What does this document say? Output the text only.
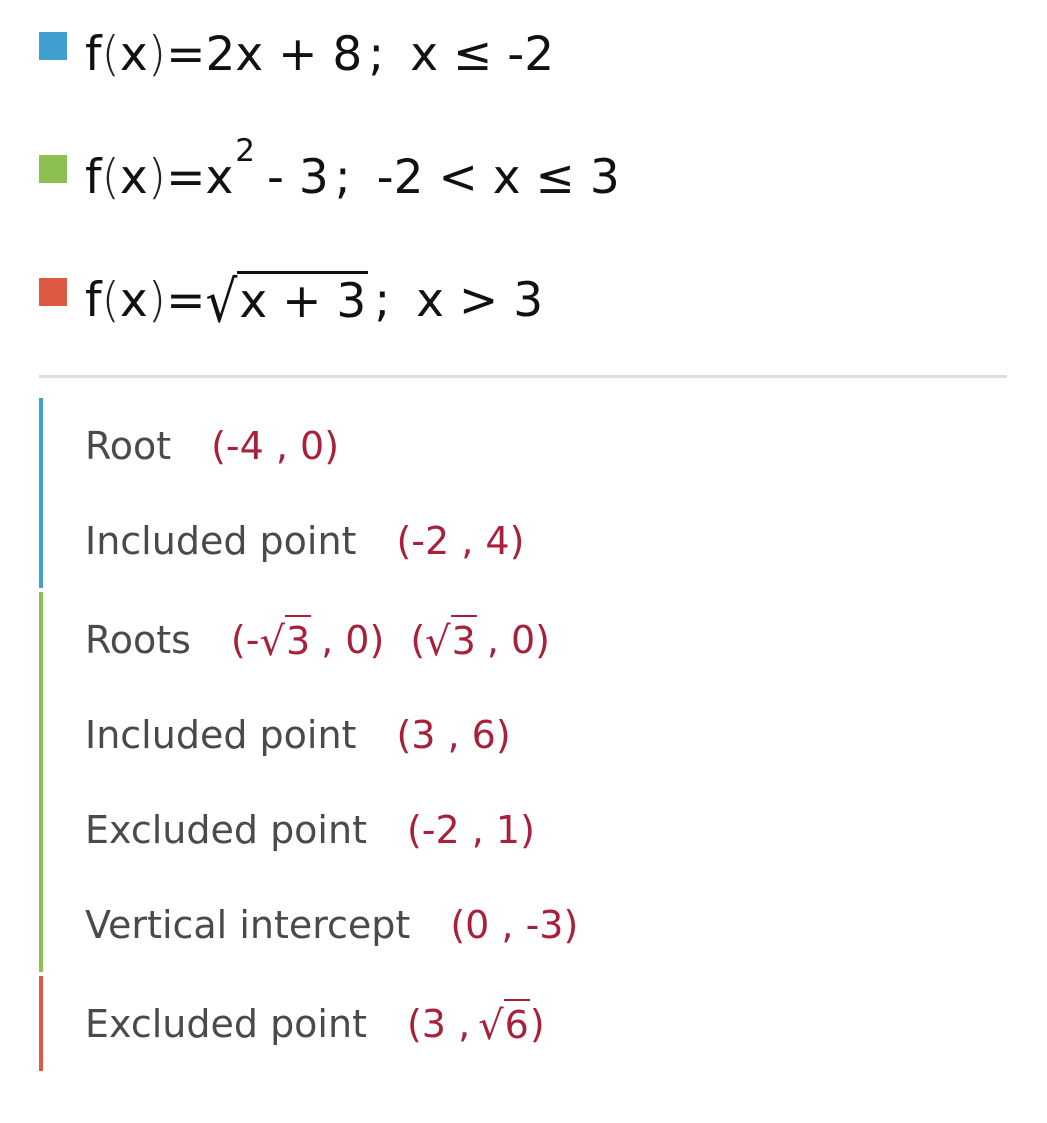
f ( x ) = 2x + 8 ; x ≤ -2
f ( x ) = x 2 - 3 ; -2 < x ≤ 3
f ( x ) = √ x + 3 ; x > 3
Root (-4 , 0)
Included point (-2 , 4)
Roots (- √ 3 , 0) ( √ 3 , 0)
Included point (3 , 6)
Excluded point (-2 , 1)
Vertical intercept (0 , -3)
Excluded point (3 , √ 6 )
